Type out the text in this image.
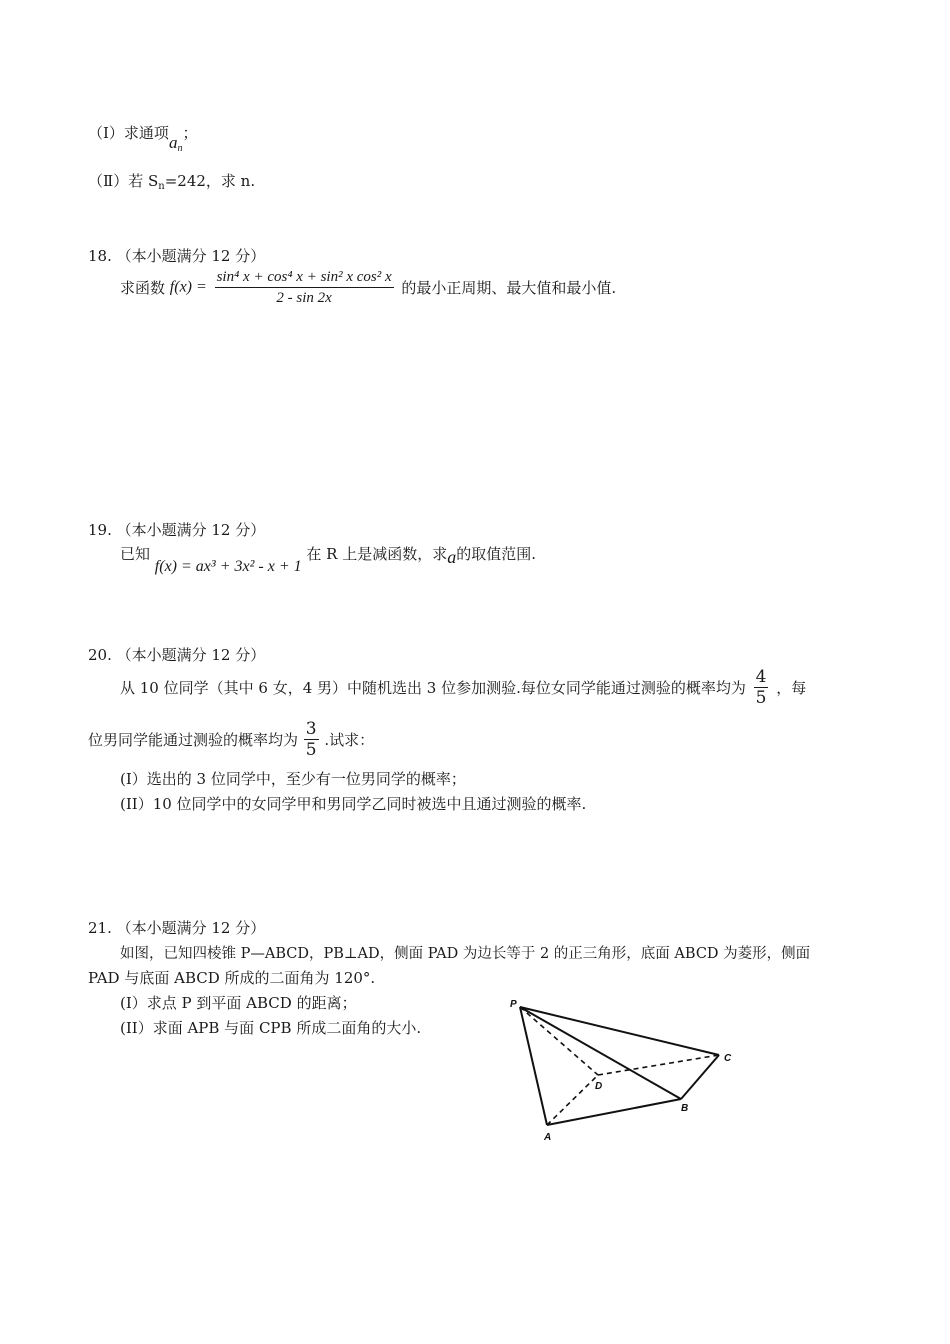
（Ⅰ）求通项$a_n$；
（Ⅱ）若 $S_n=242$，求 n.
18. （本小题满分 12 分）
求函数 $f(x) = \frac{\text{sin⁴ x + cos⁴ x + sin² x cos² x}}{2 - \sin 2x}$ 的最小正周期、最大值和最小值.
19. （本小题满分 12 分）
已知 f(x) = ax³ + 3x² - x + 1 在 R 上是减函数，求a的取值范围.
20. （本小题满分 12 分）
从 10 位同学（其中 6 女，4 男）中随机选出 3 位参加测验.每位女同学能通过测验的概率均为 $\frac{4}{5}$ ，每
位男同学能通过测验的概率均为 $\frac{3}{5}$ .试求：
(I）选出的 3 位同学中，至少有一位男同学的概率；
(II）10 位同学中的女同学甲和男同学乙同时被选中且通过测验的概率.
21. （本小题满分 12 分）
如图，已知四棱锥 P—ABCD，PB⊥AD，侧面 PAD 为边长等于 2 的正三角形，底面 ABCD 为菱形，侧面
PAD 与底面 ABCD 所成的二面角为 120°.
(I）求点 P 到平面 ABCD 的距离；
(II）求面 APB 与面 CPB 所成二面角的大小.
P
A
B
C
D
